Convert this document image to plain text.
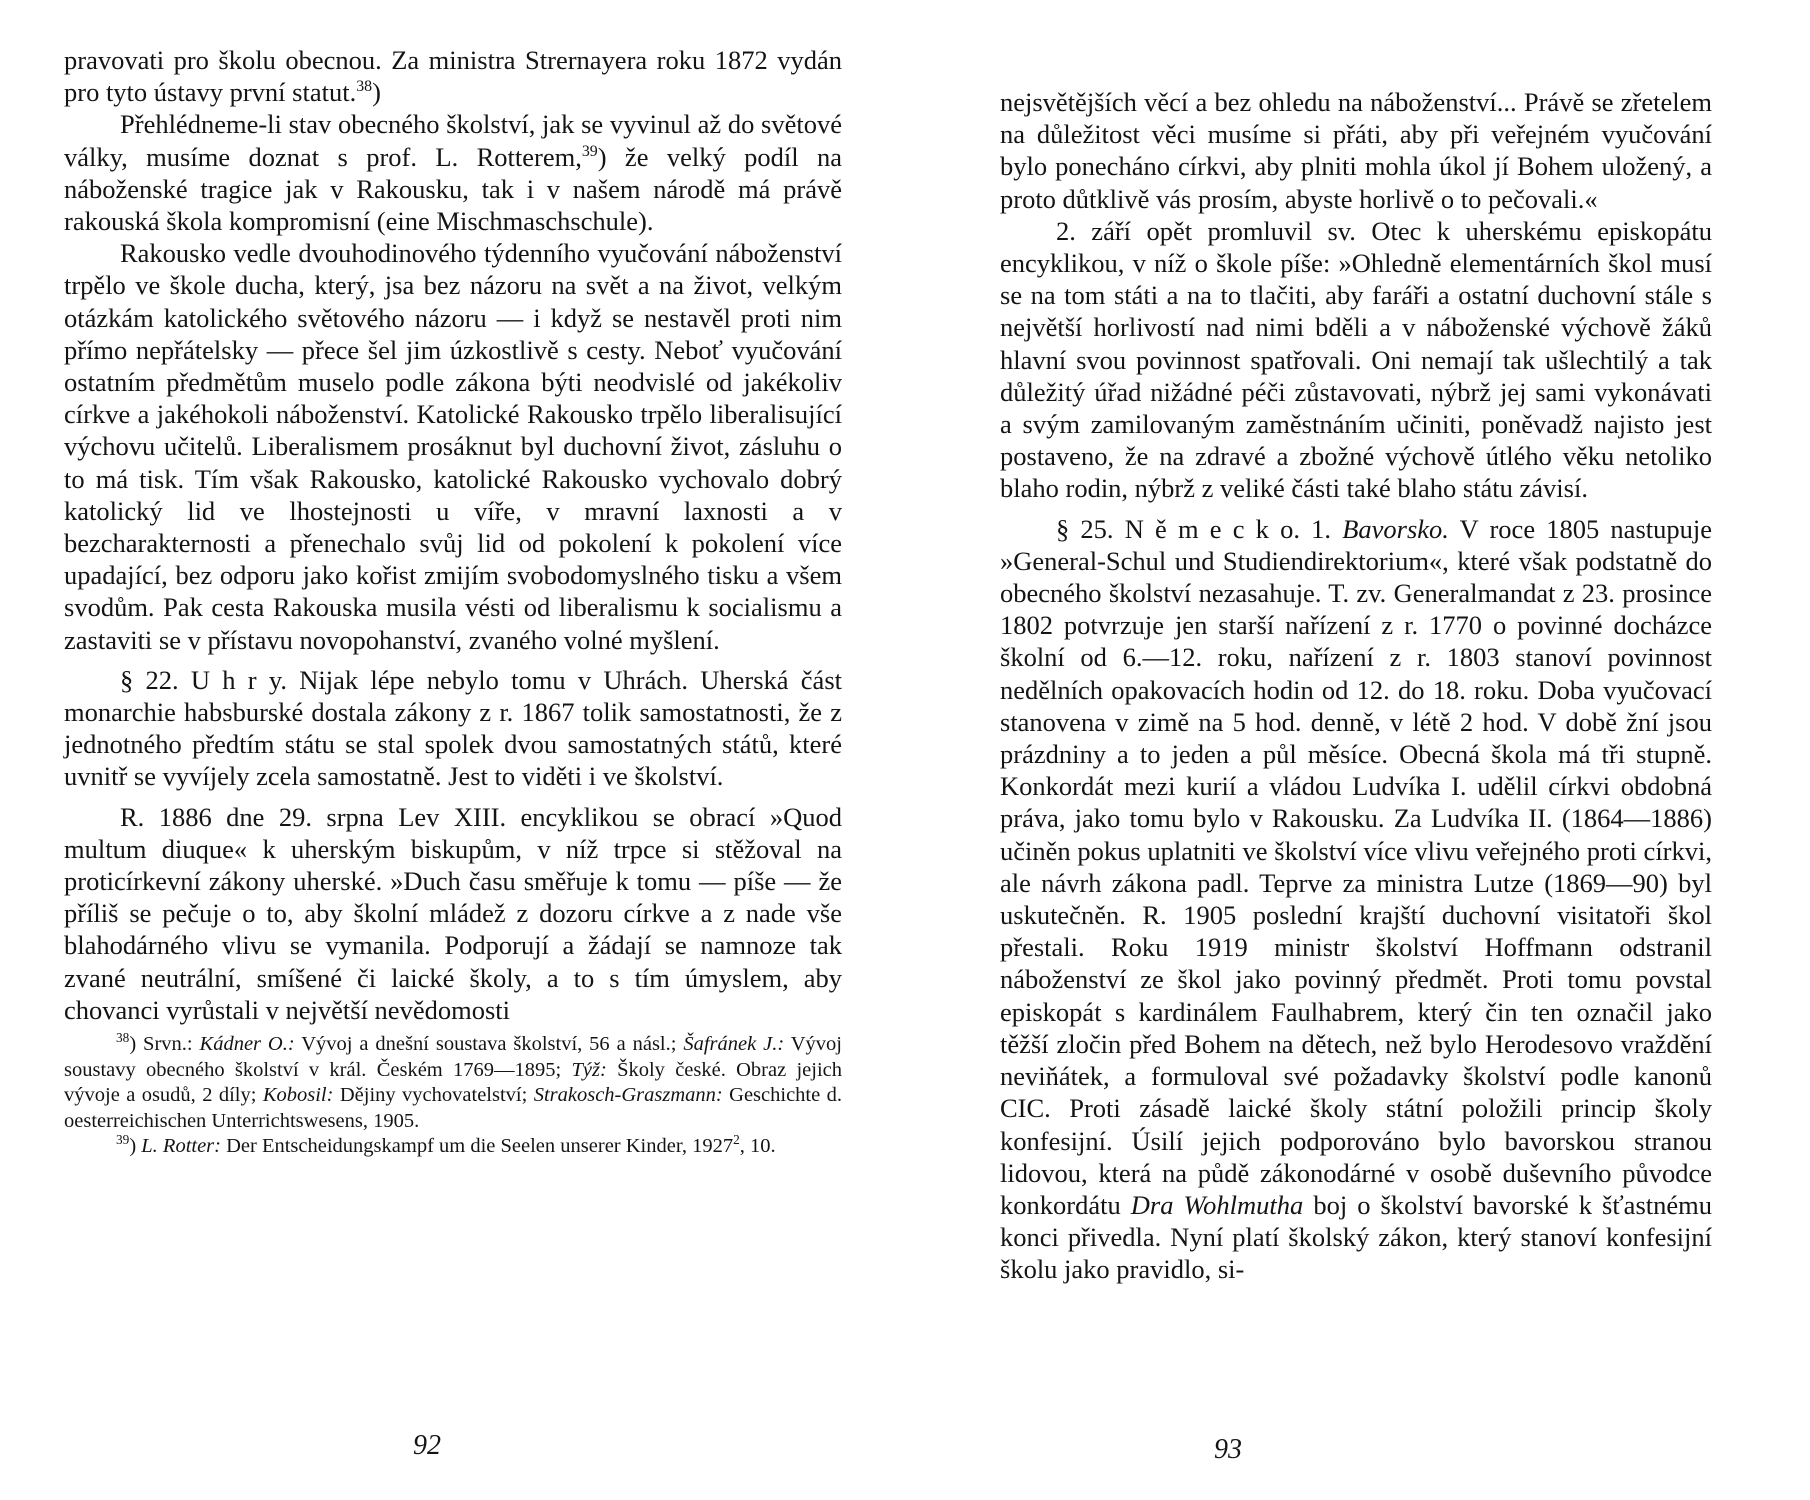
pravovati pro školu obecnou. Za ministra Strernayera roku 1872 vydán pro tyto ústavy první statut.$^{38}$)

Přehlédneme-li stav obecného školství, jak se vyvinul až do světové války, musíme doznat s prof. L. Rotterem,$^{39}$) že velký podíl na náboženské tragice jak v Rakousku, tak i v našem národě má právě rakouská škola kompromisní (eine Mischmaschschule).

Rakousko vedle dvouhodinového týdenního vyučování náboženství trpělo ve škole ducha, který, jsa bez názoru na svět a na život, velkým otázkám katolického světového názoru — i když se nestavěl proti nim přímo nepřátelsky — přece šel jim úzkostlivě s cesty. Neboť vyučování ostatním předmětům muselo podle zákona býti neodvislé od jakékoliv církve a jakéhokoli náboženství. Katolické Rakousko trpělo liberalisující výchovu učitelů. Liberalismem prosáknut byl duchovní život, zásluhu o to má tisk. Tím však Rakousko, katolické Rakousko vychovalo dobrý katolický lid ve lhostejnosti u víře, v mravní laxnosti a v bezcharakternosti a přenechalo svůj lid od pokolení k pokolení více upadající, bez odporu jako kořist zmijím svobodomyslného tisku a všem svodům. Pak cesta Rakouska musila vésti od liberalismu k socialismu a zastaviti se v přístavu novopohanství, zvaného volné myšlení.

§ 22. U h r y. Nijak lépe nebylo tomu v Uhrách. Uherská část monarchie habsburské dostala zákony z r. 1867 tolik samostatnosti, že z jednotného předtím státu se stal spolek dvou samostatných států, které uvnitř se vyvíjely zcela samostatně. Jest to viděti i ve školství.

R. 1886 dne 29. srpna Lev XIII. encyklikou se obrací »Quod multum diuque« k uherským biskupům, v níž trpce si stěžoval na proticírkevní zákony uherské. »Duch času směřuje k tomu — píše — že příliš se pečuje o to, aby školní mládež z dozoru církve a z nade vše blahodárného vlivu se vymanila. Podporují a žádají se namnoze tak zvané neutrální, smíšené či laické školy, a to s tím úmyslem, aby chovanci vyrůstali v největší nevědomosti

$^{38}$) Srvn.: Kádner O.: Vývoj a dnešní soustava školství, 56 a násl.; Šafránek J.: Vývoj soustavy obecného školství v král. Českém 1769—1895; Týž: Školy české. Obraz jejich vývoje a osudů, 2 díly; Kobosil: Dějiny vychovatelství; Strakosch-Graszmann: Geschichte d. oesterreichischen Unterrichtswesens, 1905.

$^{39}$) L. Rotter: Der Entscheidungskampf um die Seelen unserer Kinder, 1927$^2$, 10.

92

nejsvětějších věcí a bez ohledu na náboženství... Právě se zřetelem na důležitost věci musíme si přáti, aby při veřejném vyučování bylo ponecháno církvi, aby plniti mohla úkol jí Bohem uložený, a proto důtklivě vás prosím, abyste horlivě o to pečovali.«

2. září opět promluvil sv. Otec k uherskému episkopátu encyklikou, v níž o škole píše: »Ohledně elementárních škol musí se na tom státi a na to tlačiti, aby faráři a ostatní duchovní stále s největší horlivostí nad nimi bděli a v náboženské výchově žáků hlavní svou povinnost spatřovali. Oni nemají tak ušlechtilý a tak důležitý úřad nižádné péči zůstavovati, nýbrž jej sami vykonávati a svým zamilovaným zaměstnáním učiniti, poněvadž najisto jest postaveno, že na zdravé a zbožné výchově útlého věku netoliko blaho rodin, nýbrž z veliké části také blaho státu závisí.

§ 25. N ě m e c k o. 1. Bavorsko. V roce 1805 nastupuje »General-Schul und Studiendirektorium«, které však podstatně do obecného školství nezasahuje. T. zv. Generalmandat z 23. prosince 1802 potvrzuje jen starší nařízení z r. 1770 o povinné docházce školní od 6.—12. roku, nařízení z r. 1803 stanoví povinnost nedělních opakovacích hodin od 12. do 18. roku. Doba vyučovací stanovena v zimě na 5 hod. denně, v létě 2 hod. V době žní jsou prázdniny a to jeden a půl měsíce. Obecná škola má tři stupně. Konkordát mezi kurií a vládou Ludvíka I. udělil církvi obdobná práva, jako tomu bylo v Rakousku. Za Ludvíka II. (1864—1886) učiněn pokus uplatniti ve školství více vlivu veřejného proti církvi, ale návrh zákona padl. Teprve za ministra Lutze (1869—90) byl uskutečněn. R. 1905 poslední krajští duchovní visitatoři škol přestali. Roku 1919 ministr školství Hoffmann odstranil náboženství ze škol jako povinný předmět. Proti tomu povstal episkopát s kardinálem Faulhabrem, který čin ten označil jako těžší zločin před Bohem na dětech, než bylo Herodesovo vraždění neviňátek, a formuloval své požadavky školství podle kanonů CIC. Proti zásadě laické školy státní položili princip školy konfesijní. Úsilí jejich podporováno bylo bavorskou stranou lidovou, která na půdě zákonodárné v osobě duševního původce konkordátu Dra Wohlmutha boj o školství bavorské k šťastnému konci přivedla. Nyní platí školský zákon, který stanoví konfesijní školu jako pravidlo, si-

93
